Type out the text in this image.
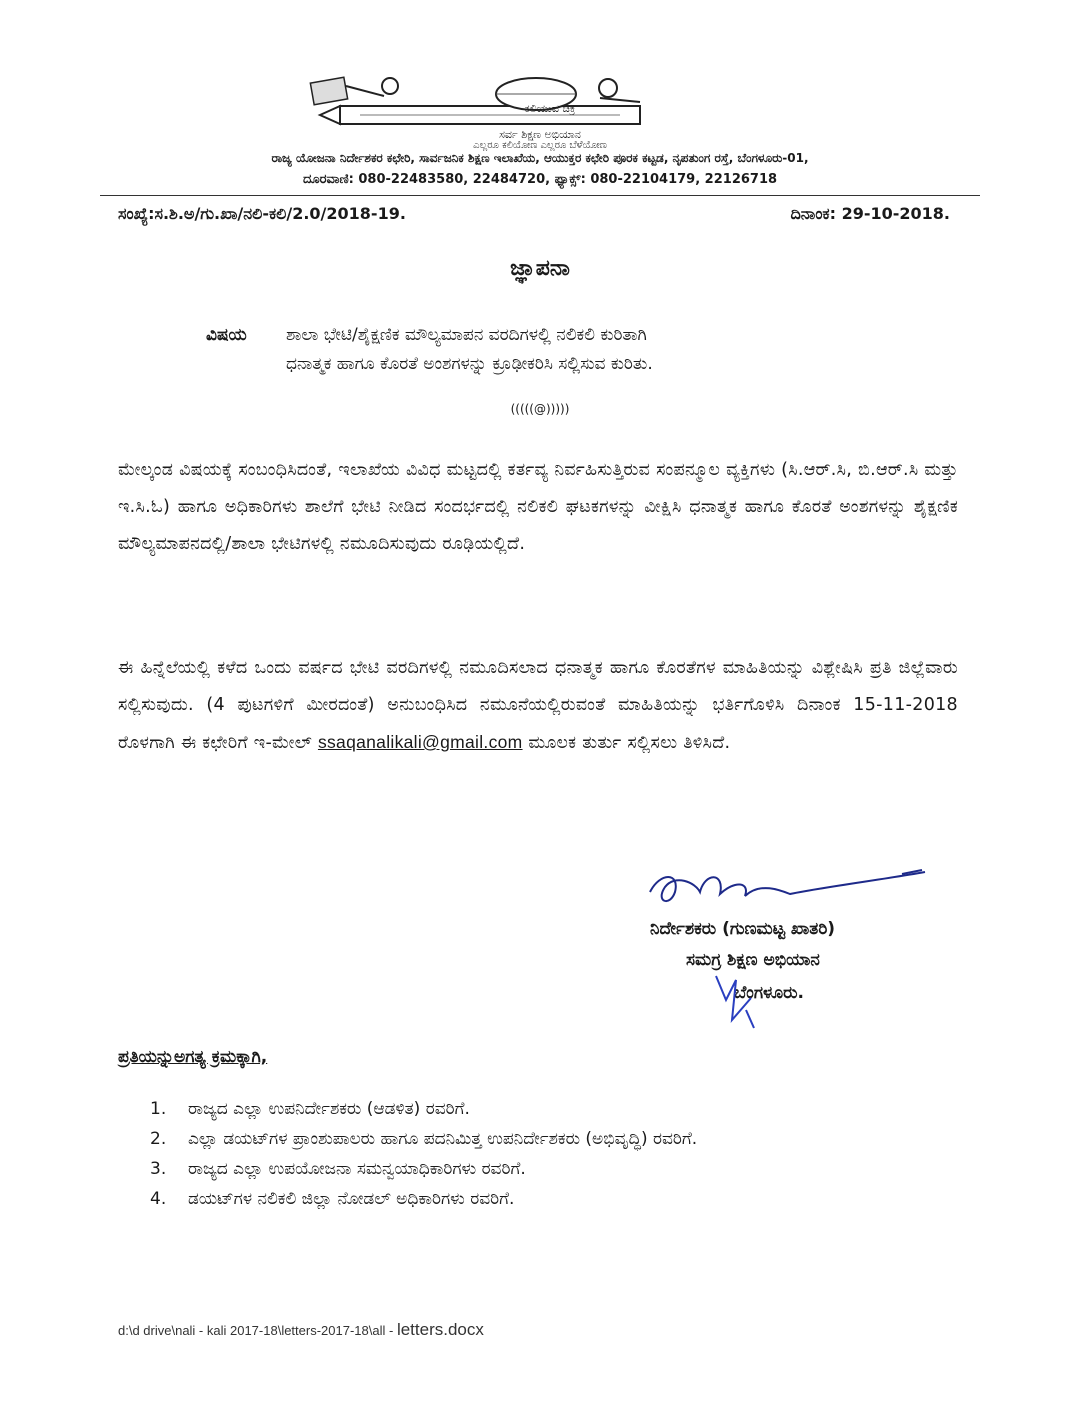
ಕಲಿಯುವ ಚಕ್ರ
ಸರ್ವ ಶಿಕ್ಷಣ ಅಭಿಯಾನ
ಎಲ್ಲರೂ ಕಲಿಯೋಣ ಎಲ್ಲರೂ ಬೆಳೆಯೋಣ
ರಾಜ್ಯ ಯೋಜನಾ ನಿರ್ದೇಶಕರ ಕಛೇರಿ, ಸಾರ್ವಜನಿಕ ಶಿಕ್ಷಣ ಇಲಾಖೆಯ, ಆಯುಕ್ತರ ಕಛೇರಿ ಪೂರಕ ಕಟ್ಟಡ, ನೃಪತುಂಗ ರಸ್ತೆ, ಬೆಂಗಳೂರು-01,
ದೂರವಾಣಿ: 080-22483580, 22484720, ಫ್ಯಾಕ್ಸ್: 080-22104179, 22126718
ಸಂಖ್ಯೆ:ಸ.ಶಿ.ಅ/ಗು.ಖಾ/ನಲಿ-ಕಲಿ/2.0/2018-19.	ದಿನಾಂಕ: 29-10-2018.
ಜ್ಞಾಪನಾ
ವಿಷಯ ಶಾಲಾ ಭೇಟಿ/ಶೈಕ್ಷಣಿಕ ಮೌಲ್ಯಮಾಪನ ವರದಿಗಳಲ್ಲಿ ನಲಿಕಲಿ ಕುರಿತಾಗಿ
ಧನಾತ್ಮಕ ಹಾಗೂ ಕೊರತೆ ಅಂಶಗಳನ್ನು ಕ್ರೂಢೀಕರಿಸಿ ಸಲ್ಲಿಸುವ ಕುರಿತು.
(((((@)))))
ಮೇಲ್ಕಂಡ ವಿಷಯಕ್ಕೆ ಸಂಬಂಧಿಸಿದಂತೆ, ಇಲಾಖೆಯ ವಿವಿಧ ಮಟ್ಟದಲ್ಲಿ ಕರ್ತವ್ಯ ನಿರ್ವಹಿಸುತ್ತಿರುವ ಸಂಪನ್ಮೂಲ ವ್ಯಕ್ತಿಗಳು (ಸಿ.ಆರ್.ಸಿ, ಬಿ.ಆರ್.ಸಿ ಮತ್ತು ಇ.ಸಿ.ಓ) ಹಾಗೂ ಅಧಿಕಾರಿಗಳು ಶಾಲೆಗೆ ಭೇಟಿ ನೀಡಿದ ಸಂದರ್ಭದಲ್ಲಿ ನಲಿಕಲಿ ಘಟಕಗಳನ್ನು ವೀಕ್ಷಿಸಿ ಧನಾತ್ಮಕ ಹಾಗೂ ಕೊರತೆ ಅಂಶಗಳನ್ನು ಶೈಕ್ಷಣಿಕ ಮೌಲ್ಯಮಾಪನದಲ್ಲಿ/ಶಾಲಾ ಭೇಟಿಗಳಲ್ಲಿ ನಮೂದಿಸುವುದು ರೂಢಿಯಲ್ಲಿದೆ.
ಈ ಹಿನ್ನೆಲೆಯಲ್ಲಿ ಕಳೆದ ಒಂದು ವರ್ಷದ ಭೇಟಿ ವರದಿಗಳಲ್ಲಿ ನಮೂದಿಸಲಾದ ಧನಾತ್ಮಕ ಹಾಗೂ ಕೊರತೆಗಳ ಮಾಹಿತಿಯನ್ನು ವಿಶ್ಲೇಷಿಸಿ ಪ್ರತಿ ಜಿಲ್ಲೆವಾರು ಸಲ್ಲಿಸುವುದು. (4 ಪುಟಗಳಿಗೆ ಮೀರದಂತೆ) ಅನುಬಂಧಿಸಿದ ನಮೂನೆಯಲ್ಲಿರುವಂತೆ ಮಾಹಿತಿಯನ್ನು ಭರ್ತಿಗೊಳಿಸಿ ದಿನಾಂಕ 15-11-2018 ರೊಳಗಾಗಿ ಈ ಕಛೇರಿಗೆ ಇ-ಮೇಲ್ ssaqanalikali@gmail.com ಮೂಲಕ ತುರ್ತು ಸಲ್ಲಿಸಲು ತಿಳಿಸಿದೆ.
ನಿರ್ದೇಶಕರು (ಗುಣಮಟ್ಟ ಖಾತರಿ)
ಸಮಗ್ರ ಶಿಕ್ಷಣ ಅಭಿಯಾನ
ಬೆಂಗಳೂರು.
ಪ್ರತಿಯನ್ನುಅಗತ್ಯ ಕ್ರಮಕ್ಕಾಗಿ,
1.	ರಾಜ್ಯದ ಎಲ್ಲಾ ಉಪನಿರ್ದೇಶಕರು (ಆಡಳಿತ) ರವರಿಗೆ.
2.	ಎಲ್ಲಾ ಡಯಟ್‌ಗಳ ಪ್ರಾಂಶುಪಾಲರು ಹಾಗೂ ಪದನಿಮಿತ್ತ ಉಪನಿರ್ದೇಶಕರು (ಅಭಿವೃದ್ಧಿ) ರವರಿಗೆ.
3.	ರಾಜ್ಯದ ಎಲ್ಲಾ ಉಪಯೋಜನಾ ಸಮನ್ವಯಾಧಿಕಾರಿಗಳು ರವರಿಗೆ.
4.	ಡಯಟ್‌ಗಳ ನಲಿಕಲಿ ಜಿಲ್ಲಾ ನೋಡಲ್ ಅಧಿಕಾರಿಗಳು ರವರಿಗೆ.
d:\d drive\nali - kali 2017-18\letters-2017-18\all - letters.docx
